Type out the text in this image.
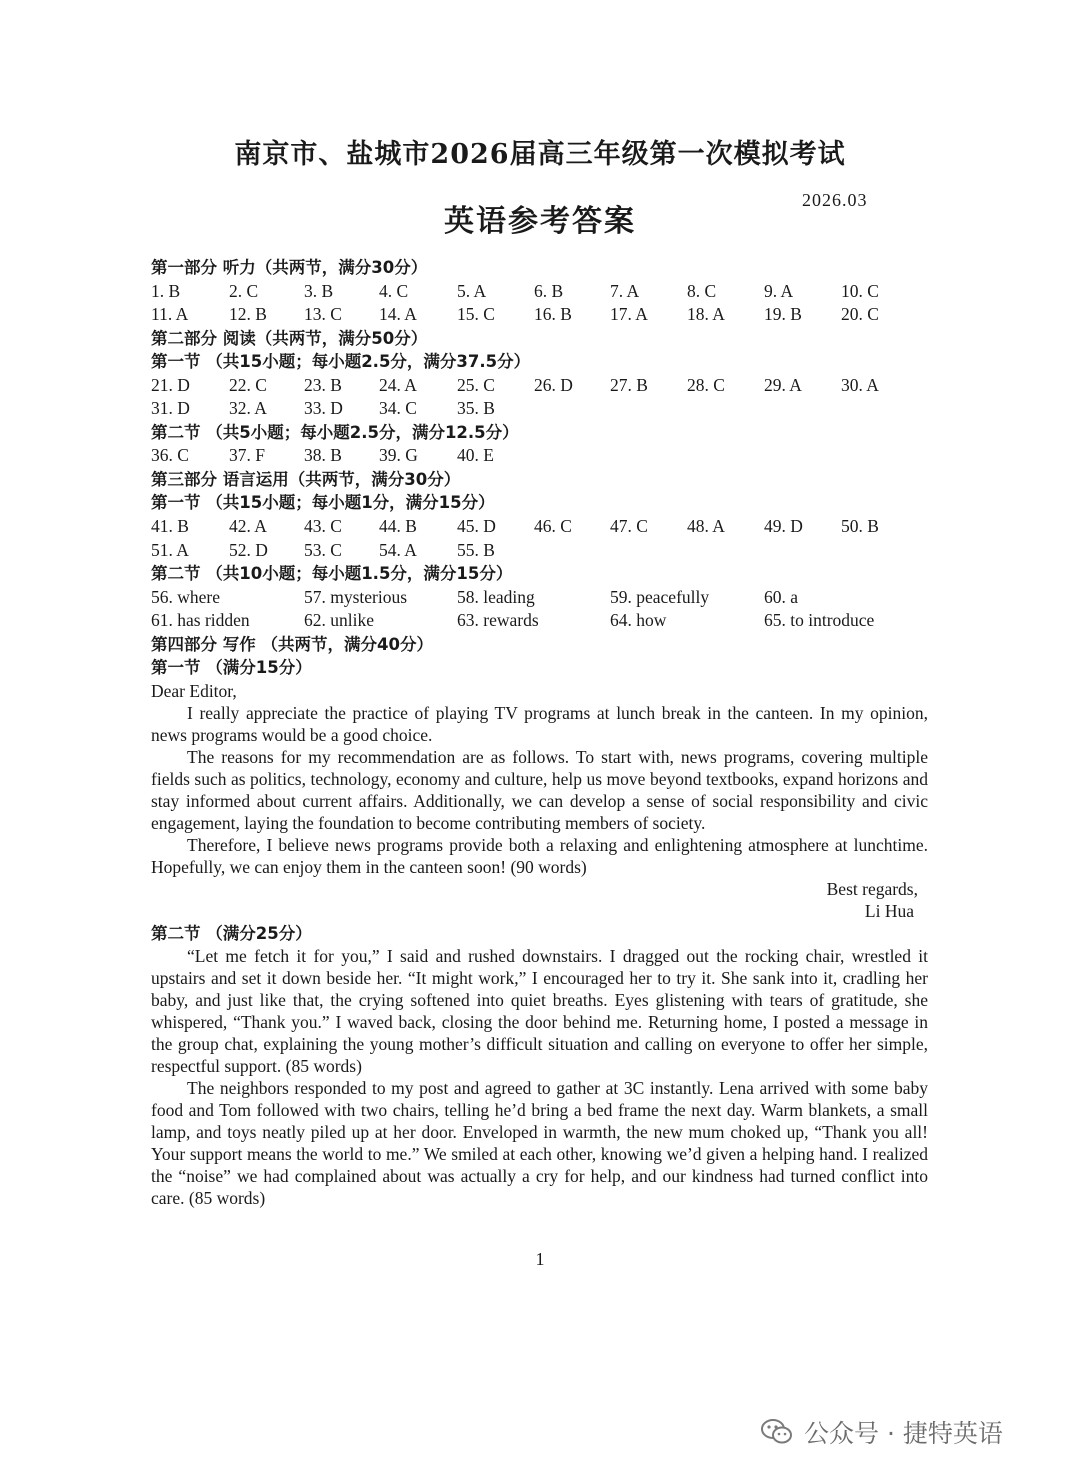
南京市、盐城市2026届高三年级第一次模拟考试
英语参考答案
2026.03
第一部分 听力（共两节，满分30分）
1. B	2. C	3. B	4. C	5. A	6. B	7. A	8. C	9. A	10. C
11. A 12. B 13. C 14. A 15. C 16. B 17. A 18. A 19. B 20. C
第二部分 阅读（共两节，满分50分）
第一节 （共15小题；每小题2.5分，满分37.5分）
21. D 22. C 23. B 24. A 25. C 26. D 27. B 28. C 29. A 30. A
31. D 32. A 33. D 34. C 35. B
第二节 （共5小题；每小题2.5分，满分12.5分）
36. C 37. F 38. B 39. G 40. E
第三部分 语言运用（共两节，满分30分）
第一节 （共15小题；每小题1分，满分15分）
41. B 42. A 43. C 44. B 45. D 46. C 47. C 48. A 49. D 50. B
51. A 52. D 53. C 54. A 55. B
第二节 （共10小题；每小题1.5分，满分15分）
56. where	57. mysterious	58. leading	59. peacefully	60. a
61. has ridden	62. unlike	63. rewards	64. how	65. to introduce
第四部分 写作 （共两节，满分40分）
第一节 （满分15分）
Dear Editor,

I really appreciate the practice of playing TV programs at lunch break in the canteen. In my opinion, news programs would be a good choice.

The reasons for my recommendation are as follows. To start with, news programs, covering multiple fields such as politics, technology, economy and culture, help us move beyond textbooks, expand horizons and stay informed about current affairs. Additionally, we can develop a sense of social responsibility and civic engagement, laying the foundation to become contributing members of society.

Therefore, I believe news programs provide both a relaxing and enlightening atmosphere at lunchtime. Hopefully, we can enjoy them in the canteen soon! (90 words)

Best regards,
Li Hua
第二节 （满分25分）

“Let me fetch it for you,” I said and rushed downstairs. I dragged out the rocking chair, wrestled it upstairs and set it down beside her. “It might work,” I encouraged her to try it. She sank into it, cradling her baby, and just like that, the crying softened into quiet breaths. Eyes glistening with tears of gratitude, she whispered, “Thank you.” I waved back, closing the door behind me. Returning home, I posted a message in the group chat, explaining the young mother’s difficult situation and calling on everyone to offer her simple, respectful support. (85 words)

The neighbors responded to my post and agreed to gather at 3C instantly. Lena arrived with some baby food and Tom followed with two chairs, telling he’d bring a bed frame the next day. Warm blankets, a small lamp, and toys neatly piled up at her door. Enveloped in warmth, the new mum choked up, “Thank you all! Your support means the world to me.” We smiled at each other, knowing we’d given a helping hand. I realized the “noise” we had complained about was actually a cry for help, and our kindness had turned conflict into care. (85 words)

1
公众号 · 捷特英语
